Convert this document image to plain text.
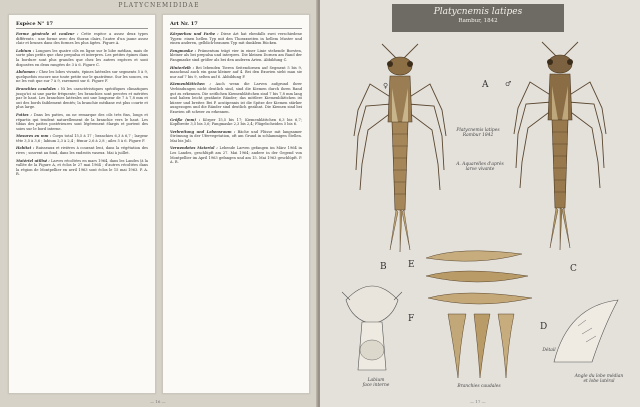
PLATYCNEMIDIDAE
Espèce N° 17
Forme générale et couleur : Cette espèce a assez deux types différents : une forme avec des thorax clairs, l'autre d'un jaune assez clair et brunes dans des formes les plus âgées. Figure A.
Labium : Longues les quatre cils en ligne sur le lobe médian, mais de sorte plus petits que chez prepulsa et interpres. Les petites épines dans la bordure sont plus grandes que chez les autres espèces et sont disposées en deux rangées de 3 à 6. Figure C.
Abdomen : Chez les lobes vivants, épines latérales sur segments 5 à 9, quelquefois encore une toute petite sur le quatrième. Sur les souces, en ne les voit que sur 7 à 9, rarement sur 6. Figure F.
Branchies caudales : Ni les caractéristiques spécifiques climatiques jusqu'ici ni une partie fréquente; les branchies sont percées et mériées par le haut. Les branchies latérales ont une longueur de 7 à 7,8 mm et ont des bords faiblement dentés; la branchie médiane est plus courte et plus large.
Pattes : Dans les pattes, on ne remarque des cils très fins, longs et répartis qui tendent naturellement de la branchie vers le haut. Les tibias des pattes postérieures sont légèrement élargis et portent des soies sur le bord interne.
Mesures en mm : Corps total 15,5 à 17 ; branchies 6,3 à 6,7 ; largeur tête 3,5 à 3,6 ; labium 2,3 à 2,4 ; fémur 2,6 à 2,8 ; ailes 5 à 6. Figure F.
Habitat : Ruisseaux et rivières à courant lent, dans la végétation des rives ; souvent au fond, dans les endroits vaseux. Mai à juillet.
Matériel utilisé : Larves récoltées en mars 1964, dans les Landes (à la vallée de la Figure A, et éclos le 27 mai 1964 ; d'autres récoltées dans la région de Montpellier en avril 1963 sont éclos le 15 mai 1963. P. A. R.
Art Nr. 17
Körperbau und Farbe : Diese Art hat ebenfalls zwei verschiedene Typen: einen hellen Typ mit den Thoraxseiten in hellem Muster und einen anderen, gelblich-braunen Typ mit dunklem Rücken.
Fangmaske : Prämentum trägt vier in einer Linie stehende Borsten, kleiner als bei prepulsa und interpres. Die kleinen Dornen am Rand der Fangmaske sind größer als bei den anderen Arten. Abbildung C.
Hinterleib : Bei lebenden Tieren Seitendornen auf Segment 5 bis 9, manchmal auch ein ganz kleiner auf 4. Bei den Exuvien sieht man sie nur auf 7 bis 9, selten auf 6. Abbildung F.
Kiemenblättchen : Auch wenn die Larven aufgrund ihrer Verbindungen nicht deutlich sind, sind die Kiemen durch ihren Rand gut zu erkennen. Die seitlichen Kiemenblättchen sind 7 bis 7,8 mm lang und haben leicht gezähnte Ränder; das mittlere Kiemenblättchen ist kürzer und breiter. Bei P. acutipennis ist die Spitze der Kiemen stärker ausgezogen und die Ränder sind deutlich gezähnt. Die Kiemen sind bei Exuvien oft schwer zu erkennen.
Größe (mm) : Körper 15,5 bis 17; Kiemenblättchen 6,3 bis 6,7; Kopfbreite 3,5 bis 3,6; Fangmaske 2,3 bis 2,4; Flügelscheiden 5 bis 6.
Verbreitung und Lebensraum : Bäche und Flüsse mit langsamer Strömung in der Ufervegetation, oft am Grund in schlammigen Stellen. Mai bis Juli.
Verwendetes Material : Lebende Larven gefangen im März 1964 in Les Landes, geschlüpft am 27. Mai 1964; andere in der Gegend von Montpellier im April 1963 gefangen und am 15. Mai 1963 geschlüpft. P. A. R.
— 16 —
Platycnemis latipes
Rambur, 1842
♀	A ♂
Platycnemis latipes
Rambur 1842
A. Aquarelles d'après
larve vivante
B
Labium
face interne
E
F
Branchies caudales
C
D
Détail
Angle du lobe médian
et lobe latéral
— 17 —
